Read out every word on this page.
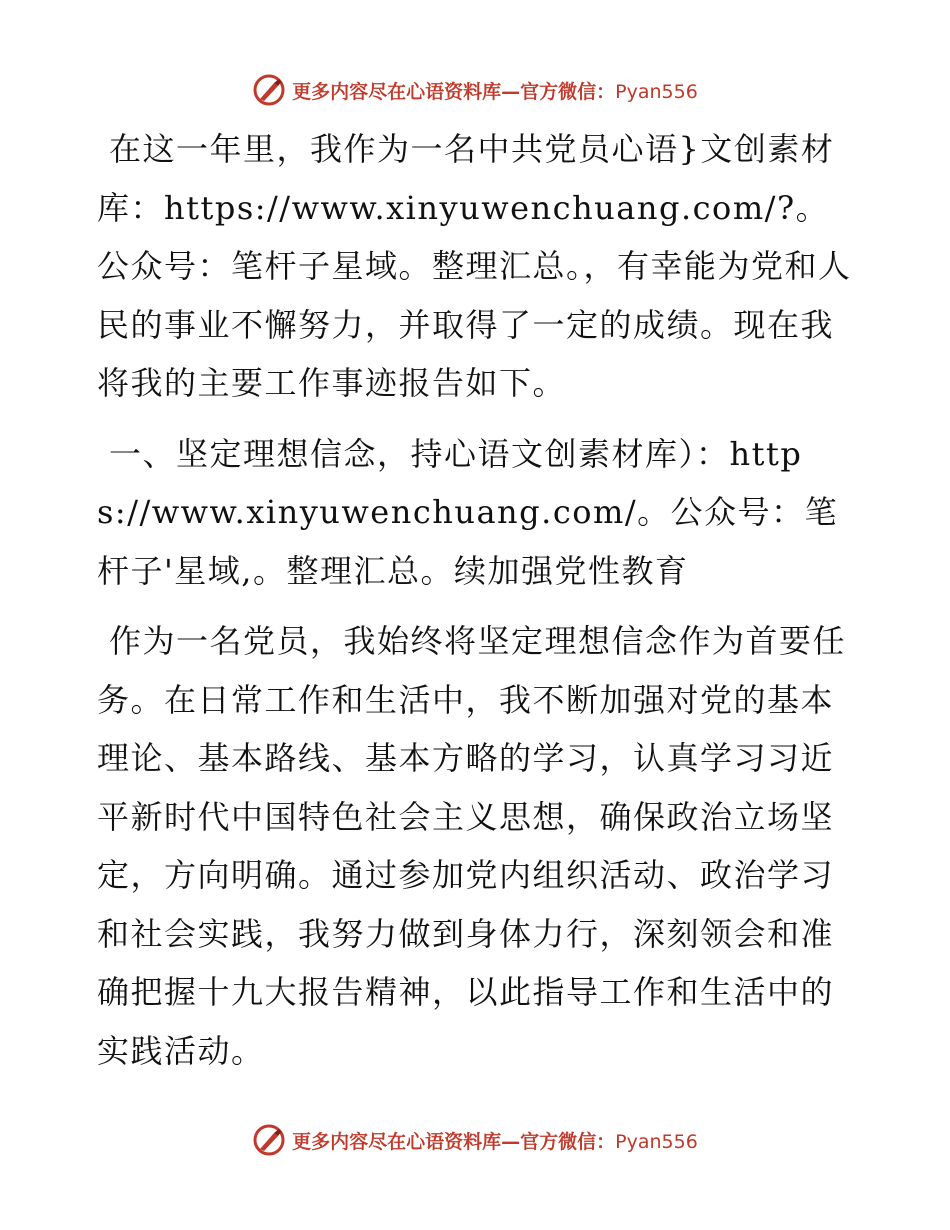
更多内容尽在心语资料库—官方微信：Pyan556

在这一年里，我作为一名中共党员心语}文创素材库：https://www.xinyuwenchuang.com/?。公众号：笔杆子星域。整理汇总。，有幸能为党和人民的事业不懈努力，并取得了一定的成绩。现在我将我的主要工作事迹报告如下。

一、坚定理想信念，持心语文创素材库）：https://www.xinyuwenchuang.com/。公众号：笔杆子'星域,。整理汇总。续加强党性教育

作为一名党员，我始终将坚定理想信念作为首要任务。在日常工作和生活中，我不断加强对党的基本理论、基本路线、基本方略的学习，认真学习习近平新时代中国特色社会主义思想，确保政治立场坚定，方向明确。通过参加党内组织活动、政治学习和社会实践，我努力做到身体力行，深刻领会和准确把握十九大报告精神，以此指导工作和生活中的实践活动。

更多内容尽在心语资料库—官方微信：Pyan556
